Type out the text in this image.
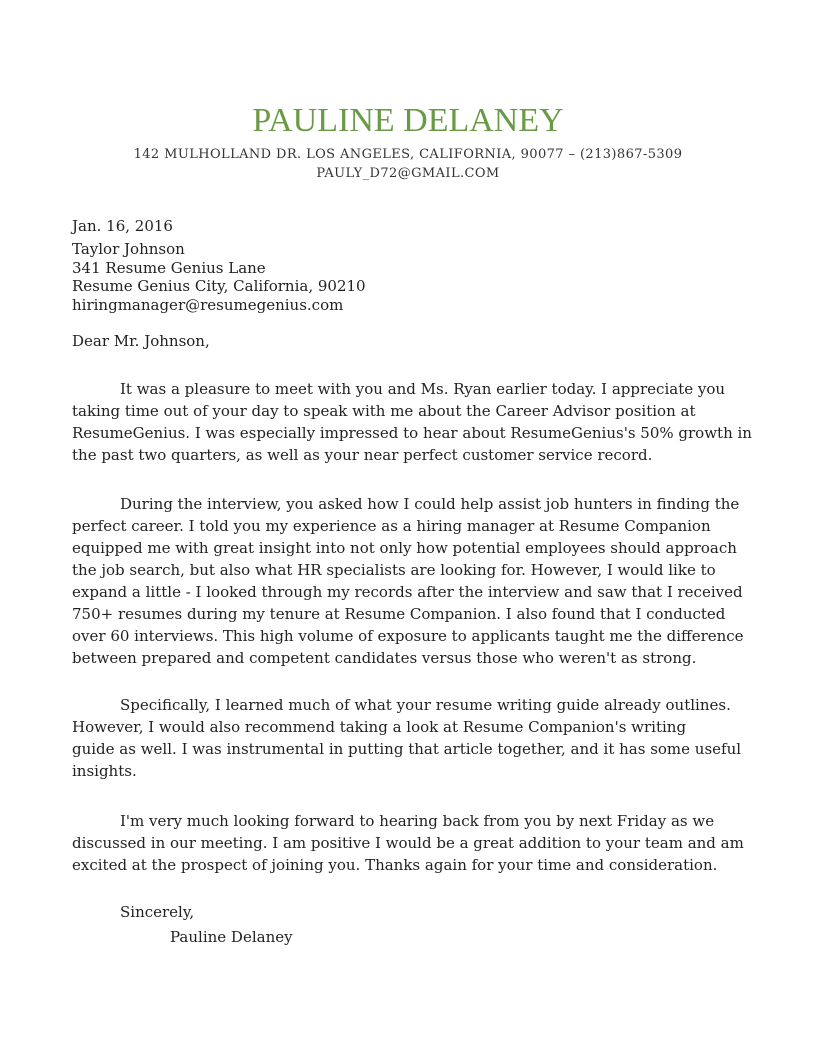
PAULINE DELANEY
142 MULHOLLAND DR. LOS ANGELES, CALIFORNIA, 90077 – (213)867-5309
PAULY_D72@GMAIL.COM
Jan. 16, 2016
Taylor Johnson
341 Resume Genius Lane
Resume Genius City, California, 90210
hiringmanager@resumegenius.com
Dear Mr. Johnson,
It was a pleasure to meet with you and Ms. Ryan earlier today. I appreciate you
taking time out of your day to speak with me about the Career Advisor position at
ResumeGenius. I was especially impressed to hear about ResumeGenius's 50% growth in
the past two quarters, as well as your near perfect customer service record.
During the interview, you asked how I could help assist job hunters in finding the
perfect career. I told you my experience as a hiring manager at Resume Companion
equipped me with great insight into not only how potential employees should approach
the job search, but also what HR specialists are looking for. However, I would like to
expand a little - I looked through my records after the interview and saw that I received
750+ resumes during my tenure at Resume Companion. I also found that I conducted
over 60 interviews. This high volume of exposure to applicants taught me the difference
between prepared and competent candidates versus those who weren't as strong.
Specifically, I learned much of what your resume writing guide already outlines.
However, I would also recommend taking a look at Resume Companion's writing
guide as well. I was instrumental in putting that article together, and it has some useful
insights.
I'm very much looking forward to hearing back from you by next Friday as we
discussed in our meeting. I am positive I would be a great addition to your team and am
excited at the prospect of joining you. Thanks again for your time and consideration.
Sincerely,
Pauline Delaney
